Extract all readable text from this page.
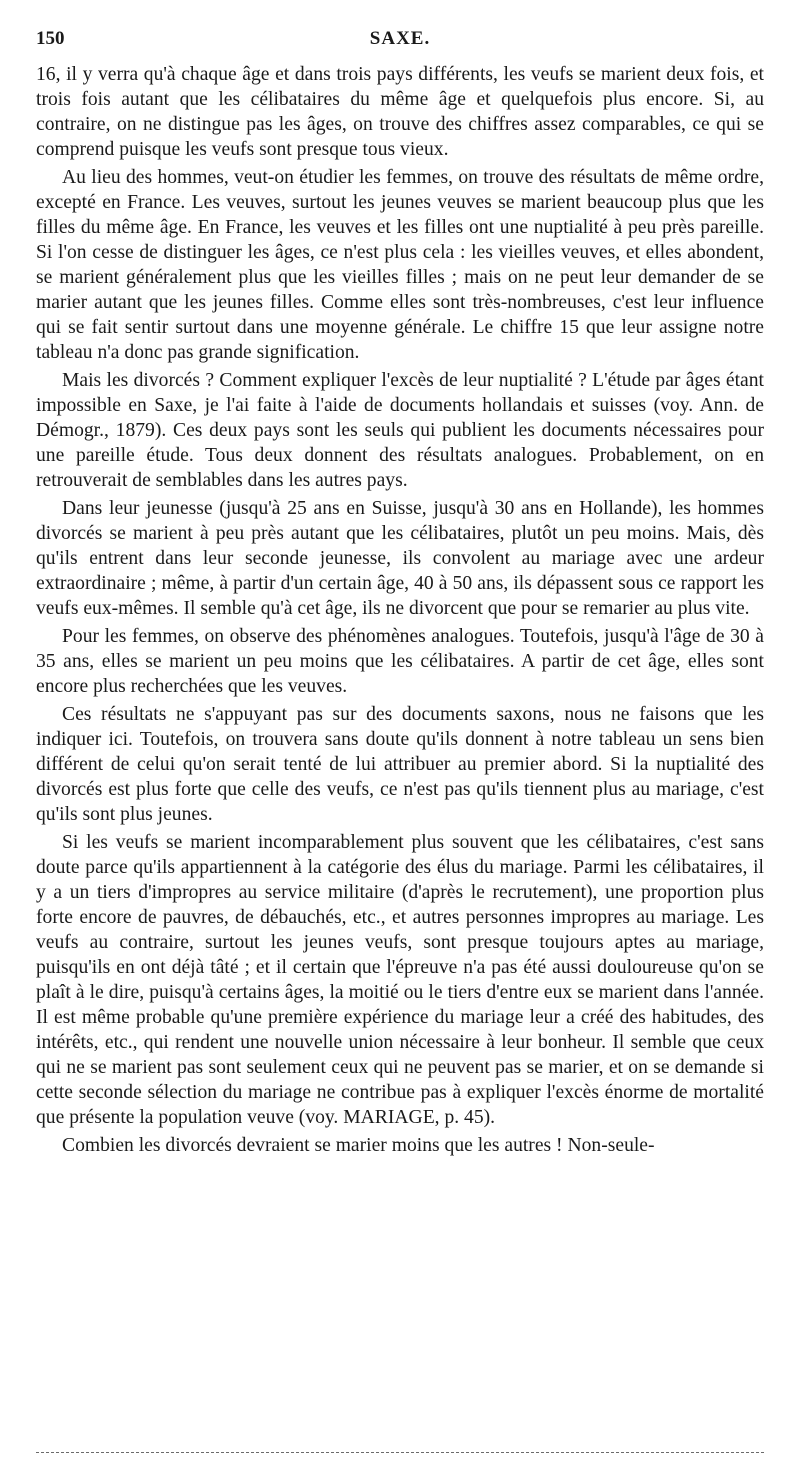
150	SAXE.

16, il y verra qu'à chaque âge et dans trois pays différents, les veufs se marient deux fois, et trois fois autant que les célibataires du même âge et quelquefois plus encore. Si, au contraire, on ne distingue pas les âges, on trouve des chiffres assez comparables, ce qui se comprend puisque les veufs sont presque tous vieux.

Au lieu des hommes, veut-on étudier les femmes, on trouve des résultats de même ordre, excepté en France. Les veuves, surtout les jeunes veuves se marient beaucoup plus que les filles du même âge. En France, les veuves et les filles ont une nuptialité à peu près pareille. Si l'on cesse de distinguer les âges, ce n'est plus cela : les vieilles veuves, et elles abondent, se marient généralement plus que les vieilles filles ; mais on ne peut leur demander de se marier autant que les jeunes filles. Comme elles sont très-nombreuses, c'est leur influence qui se fait sentir surtout dans une moyenne générale. Le chiffre 15 que leur assigne notre tableau n'a donc pas grande signification.

Mais les divorcés ? Comment expliquer l'excès de leur nuptialité ? L'étude par âges étant impossible en Saxe, je l'ai faite à l'aide de documents hollandais et suisses (voy. Ann. de Démogr., 1879). Ces deux pays sont les seuls qui publient les documents nécessaires pour une pareille étude. Tous deux donnent des résultats analogues. Probablement, on en retrouverait de semblables dans les autres pays.

Dans leur jeunesse (jusqu'à 25 ans en Suisse, jusqu'à 30 ans en Hollande), les hommes divorcés se marient à peu près autant que les célibataires, plutôt un peu moins. Mais, dès qu'ils entrent dans leur seconde jeunesse, ils convolent au mariage avec une ardeur extraordinaire ; même, à partir d'un certain âge, 40 à 50 ans, ils dépassent sous ce rapport les veufs eux-mêmes. Il semble qu'à cet âge, ils ne divorcent que pour se remarier au plus vite.

Pour les femmes, on observe des phénomènes analogues. Toutefois, jusqu'à l'âge de 30 à 35 ans, elles se marient un peu moins que les célibataires. A partir de cet âge, elles sont encore plus recherchées que les veuves.

Ces résultats ne s'appuyant pas sur des documents saxons, nous ne faisons que les indiquer ici. Toutefois, on trouvera sans doute qu'ils donnent à notre tableau un sens bien différent de celui qu'on serait tenté de lui attribuer au premier abord. Si la nuptialité des divorcés est plus forte que celle des veufs, ce n'est pas qu'ils tiennent plus au mariage, c'est qu'ils sont plus jeunes.

Si les veufs se marient incomparablement plus souvent que les célibataires, c'est sans doute parce qu'ils appartiennent à la catégorie des élus du mariage. Parmi les célibataires, il y a un tiers d'impropres au service militaire (d'après le recrutement), une proportion plus forte encore de pauvres, de débauchés, etc., et autres personnes impropres au mariage. Les veufs au contraire, surtout les jeunes veufs, sont presque toujours aptes au mariage, puisqu'ils en ont déjà tâté ; et il certain que l'épreuve n'a pas été aussi douloureuse qu'on se plaît à le dire, puisqu'à certains âges, la moitié ou le tiers d'entre eux se marient dans l'année. Il est même probable qu'une première expérience du mariage leur a créé des habitudes, des intérêts, etc., qui rendent une nouvelle union nécessaire à leur bonheur. Il semble que ceux qui ne se marient pas sont seulement ceux qui ne peuvent pas se marier, et on se demande si cette seconde sélection du mariage ne contribue pas à expliquer l'excès énorme de mortalité que présente la population veuve (voy. MARIAGE, p. 45).

Combien les divorcés devraient se marier moins que les autres ! Non-seule-
